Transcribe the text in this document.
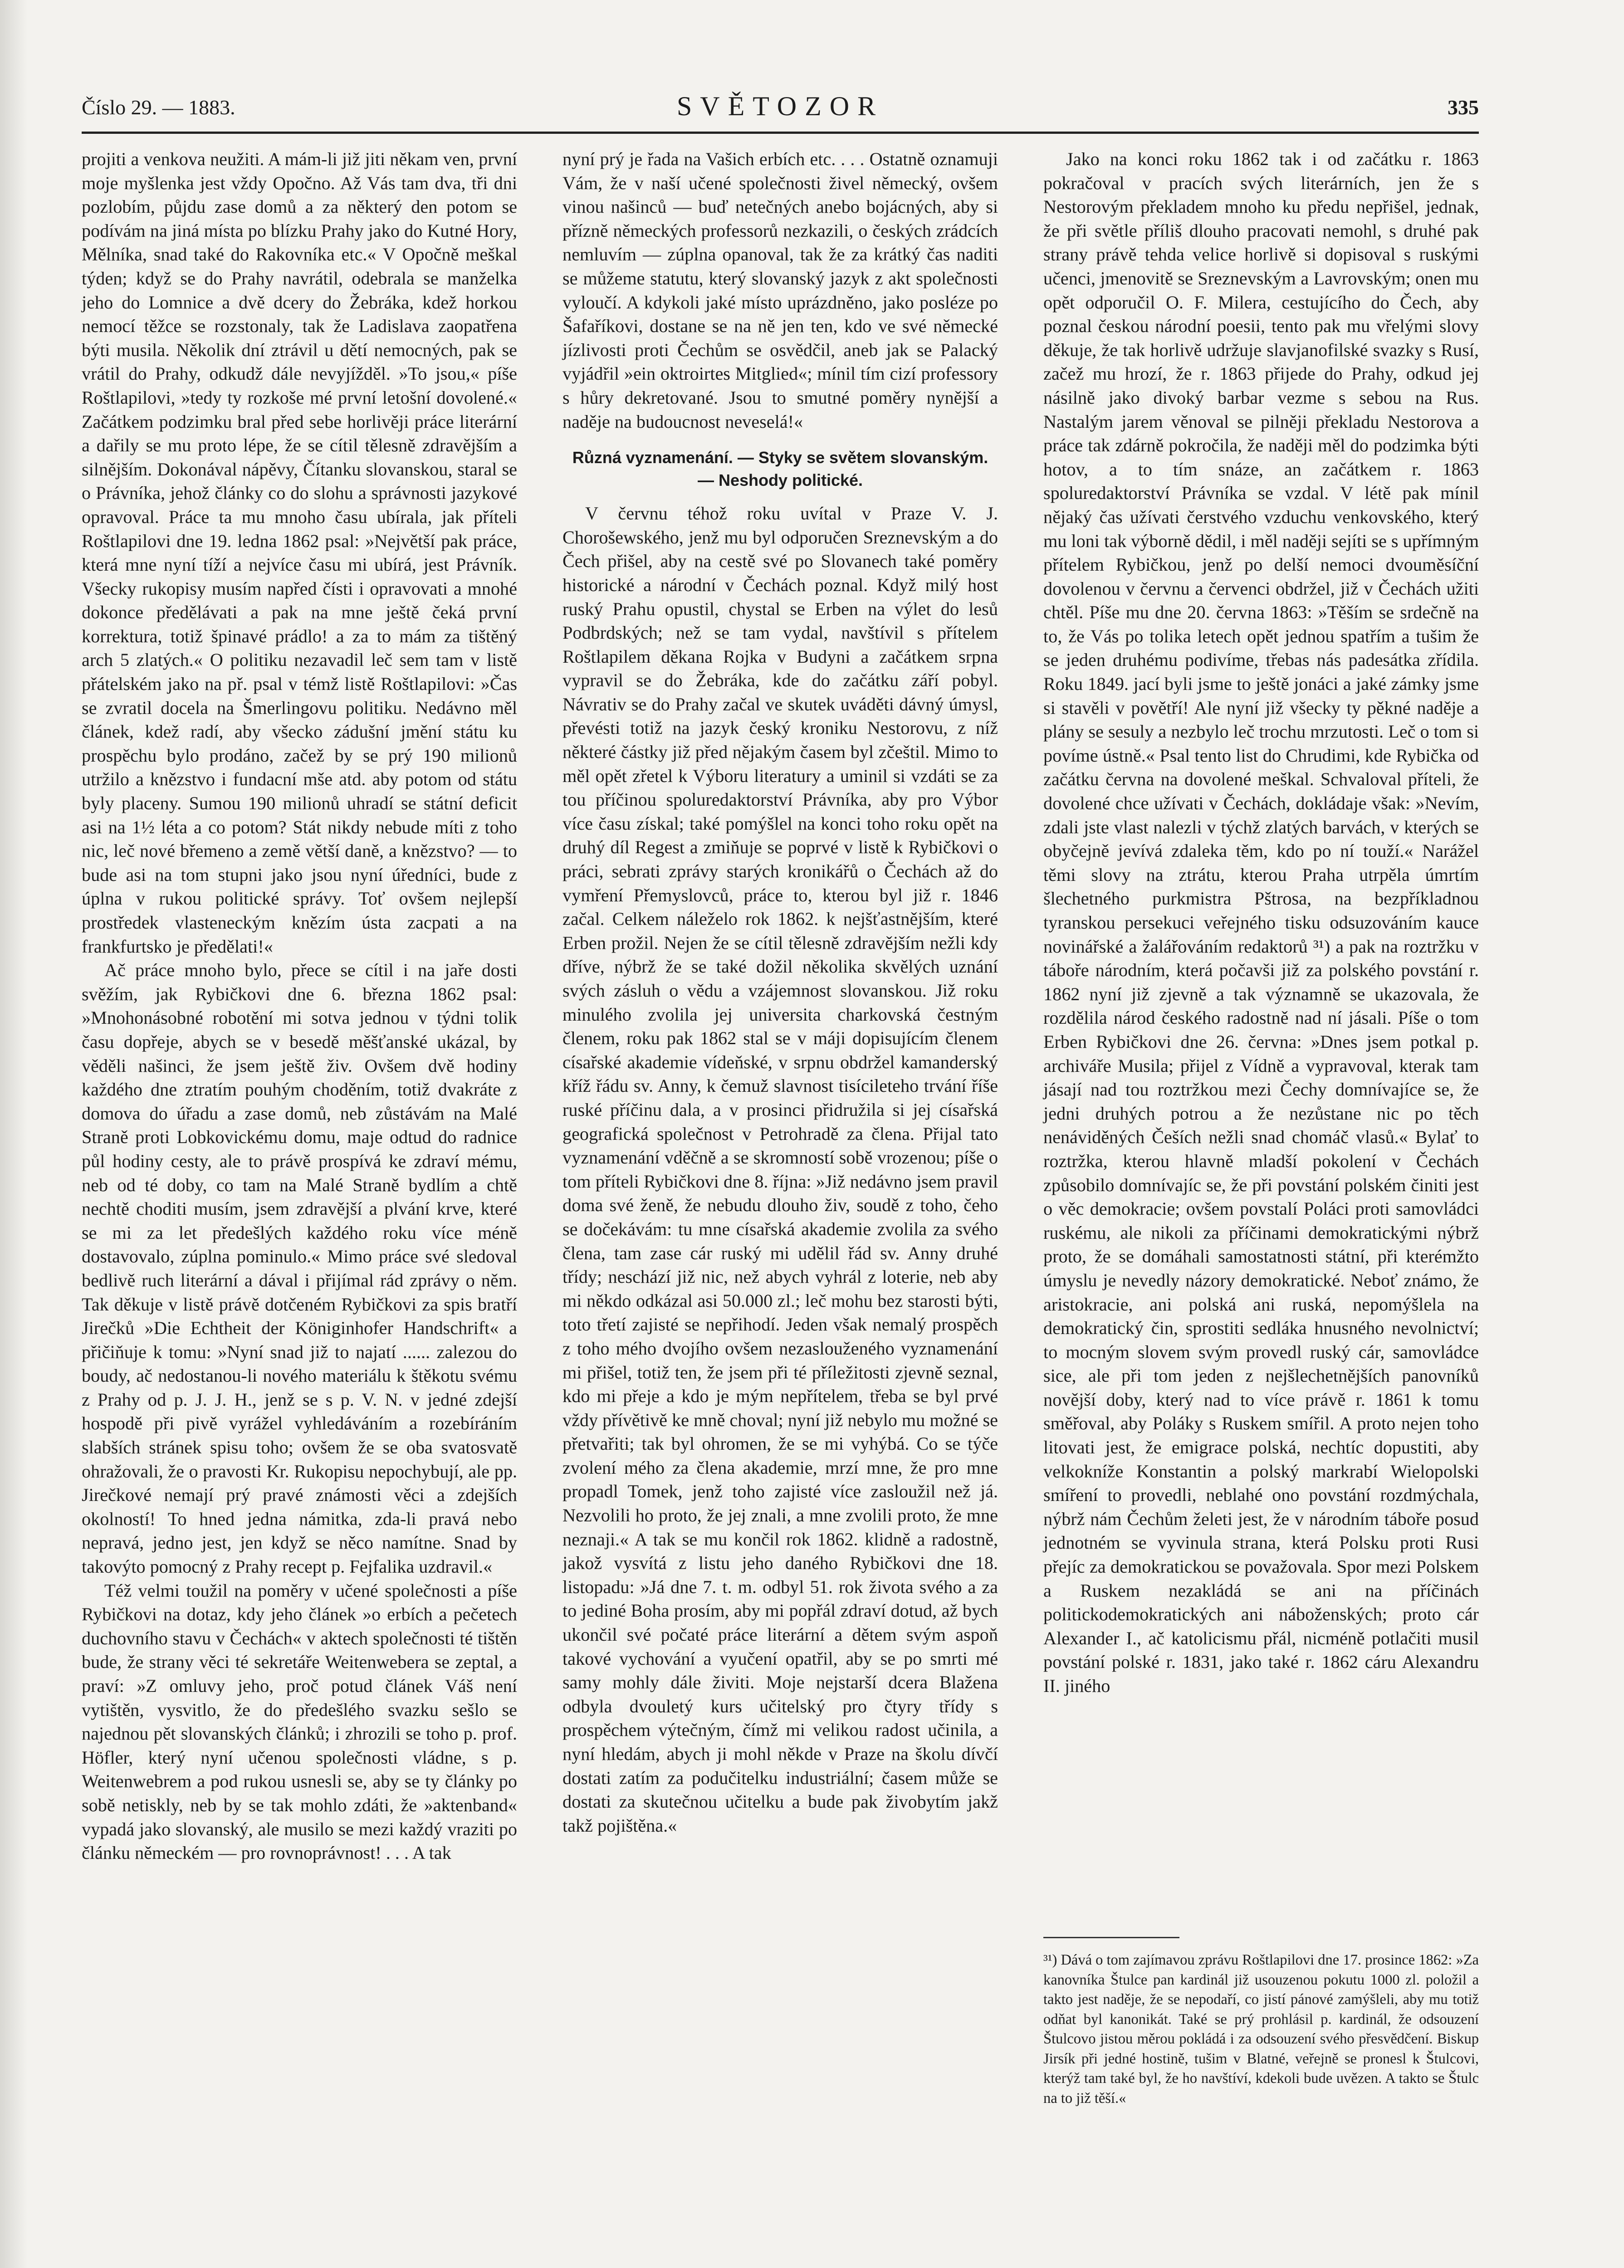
Číslo 29. — 1883.	SVĚTOZOR	335

projiti a venkova neužiti. A mám-li již jiti někam ven, první moje myšlenka jest vždy Opočno. Až Vás tam dva, tři dni pozlobím, půjdu zase domů a za některý den potom se podívám na jiná místa po blízku Prahy jako do Kutné Hory, Mělníka, snad také do Rakovníka etc.« V Opočně meškal týden; když se do Prahy navrátil, odebrala se manželka jeho do Lomnice a dvě dcery do Žebráka, kdež horkou nemocí těžce se rozstonaly, tak že Ladislava zaopatřena býti musila. Několik dní ztrávil u dětí nemocných, pak se vrátil do Prahy, odkudž dále nevyjížděl. »To jsou,« píše Roštlapilovi, »tedy ty rozkoše mé první letošní dovolené.« Začátkem podzimku bral před sebe horlivěji práce literární a dařily se mu proto lépe, že se cítil tělesně zdravějším a silnějším. Dokonával nápěvy, Čítanku slovanskou, staral se o Právníka, jehož články co do slohu a správnosti jazykové opravoval. Práce ta mu mnoho času ubírala, jak příteli Roštlapilovi dne 19. ledna 1862 psal: »Největší pak práce, která mne nyní tíží a nejvíce času mi ubírá, jest Právník. Všecky rukopisy musím napřed čísti i opravovati a mnohé dokonce předělávati a pak na mne ještě čeká první korrektura, totiž špinavé prádlo! a za to mám za tištěný arch 5 zlatých.« O politiku nezavadil leč sem tam v listě přátelském jako na př. psal v témž listě Roštlapilovi: »Čas se zvratil docela na Šmerlingovu politiku. Nedávno měl článek, kdež radí, aby všecko zádušní jmění státu ku prospěchu bylo prodáno, začež by se prý 190 milionů utržilo a knězstvo i fundacní mše atd. aby potom od státu byly placeny. Sumou 190 milionů uhradí se státní deficit asi na 1½ léta a co potom? Stát nikdy nebude míti z toho nic, leč nové břemeno a země větší daně, a knězstvo? — to bude asi na tom stupni jako jsou nyní úředníci, bude z úplna v rukou politické správy. Toť ovšem nejlepší prostředek vlasteneckým knězím ústa zacpati a na frankfurtsko je předělati!«

Ač práce mnoho bylo, přece se cítil i na jaře dosti svěžím, jak Rybičkovi dne 6. března 1862 psal: »Mnohonásobné robotění mi sotva jednou v týdni tolik času dopřeje, abych se v besedě měšťanské ukázal, by věděli našinci, že jsem ještě živ. Ovšem dvě hodiny každého dne ztratím pouhým choděním, totiž dvakráte z domova do úřadu a zase domů, neb zůstávám na Malé Straně proti Lobkovickému domu, maje odtud do radnice půl hodiny cesty, ale to právě prospívá ke zdraví mému, neb od té doby, co tam na Malé Straně bydlím a chtě nechtě choditi musím, jsem zdravější a plvání krve, které se mi za let předešlých každého roku více méně dostavovalo, zúplna pominulo.« Mimo práce své sledoval bedlivě ruch literární a dával i přijímal rád zprávy o něm. Tak děkuje v listě právě dotčeném Rybičkovi za spis bratří Jirečků »Die Echtheit der Königinhofer Handschrift« a přičiňuje k tomu: »Nyní snad již to najatí ...... zalezou do boudy, ač nedostanou-li nového materiálu k štěkotu svému z Prahy od p. J. J. H., jenž se s p. V. N. v jedné zdejší hospodě při pivě vyrážel vyhledáváním a rozebíráním slabších stránek spisu toho; ovšem že se oba svatosvatě ohražovali, že o pravosti Kr. Rukopisu nepochybují, ale pp. Jirečkové nemají prý pravé známosti věci a zdejších okolností! To hned jedna námitka, zda-li pravá nebo nepravá, jedno jest, jen když se něco namítne. Snad by takovýto pomocný z Prahy recept p. Fejfalika uzdravil.«

Též velmi toužil na poměry v učené společnosti a píše Rybičkovi na dotaz, kdy jeho článek »o erbích a pečetech duchovního stavu v Čechách« v aktech společnosti té tištěn bude, že strany věci té sekretáře Weitenwebera se zeptal, a praví: »Z omluvy jeho, proč potud článek Váš není vytištěn, vysvitlo, že do předešlého svazku sešlo se najednou pět slovanských článků; i zhrozili se toho p. prof. Höfler, který nyní učenou společnosti vládne, s p. Weitenwebrem a pod rukou usnesli se, aby se ty články po sobě netiskly, neb by se tak mohlo zdáti, že »aktenband« vypadá jako slovanský, ale musilo se mezi každý vraziti po článku německém — pro rovnoprávnost! . . . A tak

nyní prý je řada na Vašich erbích etc. . . . Ostatně oznamuji Vám, že v naší učené společnosti živel německý, ovšem vinou našinců — buď netečných anebo bojácných, aby si přízně německých professorů nezkazili, o českých zrádcích nemluvím — zúplna opanoval, tak že za krátký čas naditi se můžeme statutu, který slovanský jazyk z akt společnosti vyloučí. A kdykoli jaké místo uprázdněno, jako posléze po Šafaříkovi, dostane se na ně jen ten, kdo ve své německé jízlivosti proti Čechům se osvědčil, aneb jak se Palacký vyjádřil »ein oktroirtes Mitglied«; mínil tím cizí professory s hůry dekretované. Jsou to smutné poměry nynější a naděje na budoucnost neveselá!«

Různá vyznamenání. — Styky se světem slovanským. — Neshody politické.

V červnu téhož roku uvítal v Praze V. J. Chorošewského, jenž mu byl odporučen Sreznevským a do Čech přišel, aby na cestě své po Slovanech také poměry historické a národní v Čechách poznal. Když milý host ruský Prahu opustil, chystal se Erben na výlet do lesů Podbrdských; než se tam vydal, navštívil s přítelem Roštlapilem děkana Rojka v Budyni a začátkem srpna vypravil se do Žebráka, kde do začátku září pobyl. Návrativ se do Prahy začal ve skutek uváděti dávný úmysl, převésti totiž na jazyk český kroniku Nestorovu, z níž některé částky již před nějakým časem byl zčeštil. Mimo to měl opět zřetel k Výboru literatury a uminil si vzdáti se za tou příčinou spoluredaktorství Právníka, aby pro Výbor více času získal; také pomýšlel na konci toho roku opět na druhý díl Regest a zmiňuje se poprvé v listě k Rybičkovi o práci, sebrati zprávy starých kronikářů o Čechách až do vymření Přemyslovců, práce to, kterou byl již r. 1846 začal. Celkem náleželo rok 1862. k nejšťastnějším, které Erben prožil. Nejen že se cítil tělesně zdravějším nežli kdy dříve, nýbrž že se také dožil několika skvělých uznání svých zásluh o vědu a vzájemnost slovanskou. Již roku minulého zvolila jej universita charkovská čestným členem, roku pak 1862 stal se v máji dopisujícím členem císařské akademie vídeňské, v srpnu obdržel kamanderský kříž řádu sv. Anny, k čemuž slavnost tisícileteho trvání říše ruské příčinu dala, a v prosinci přidružila si jej císařská geografická společnost v Petrohradě za člena. Přijal tato vyznamenání vděčně a se skromností sobě vrozenou; píše o tom příteli Rybičkovi dne 8. října: »Již nedávno jsem pravil doma své ženě, že nebudu dlouho živ, soudě z toho, čeho se dočekávám: tu mne císařská akademie zvolila za svého člena, tam zase cár ruský mi udělil řád sv. Anny druhé třídy; neschází již nic, než abych vyhrál z loterie, neb aby mi někdo odkázal asi 50.000 zl.; leč mohu bez starosti býti, toto třetí zajisté se nepřihodí. Jeden však nemalý prospěch z toho mého dvojího ovšem nezaslouženého vyznamenání mi přišel, totiž ten, že jsem při té příležitosti zjevně seznal, kdo mi přeje a kdo je mým nepřítelem, třeba se byl prvé vždy přívětivě ke mně choval; nyní již nebylo mu možné se přetvařiti; tak byl ohromen, že se mi vyhýbá. Co se týče zvolení mého za člena akademie, mrzí mne, že pro mne propadl Tomek, jenž toho zajisté více zasloužil než já. Nezvolili ho proto, že jej znali, a mne zvolili proto, že mne neznaji.« A tak se mu končil rok 1862. klidně a radostně, jakož vysvítá z listu jeho daného Rybičkovi dne 18. listopadu: »Já dne 7. t. m. odbyl 51. rok života svého a za to jediné Boha prosím, aby mi popřál zdraví dotud, až bych ukončil své počaté práce literární a dětem svým aspoň takové vychování a vyučení opatřil, aby se po smrti mé samy mohly dále živiti. Moje nejstarší dcera Blažena odbyla dvouletý kurs učitelský pro čtyry třídy s prospěchem výtečným, čímž mi velikou radost učinila, a nyní hledám, abych ji mohl někde v Praze na školu dívčí dostati zatím za podučitelku industriální; časem může se dostati za skutečnou učitelku a bude pak živobytím jakž takž pojištěna.«

Jako na konci roku 1862 tak i od začátku r. 1863 pokračoval v pracích svých literárních, jen že s Nestorovým překladem mnoho ku předu nepřišel, jednak, že při světle příliš dlouho pracovati nemohl, s druhé pak strany právě tehda velice horlivě si dopisoval s ruskými učenci, jmenovitě se Sreznevským a Lavrovským; onen mu opět odporučil O. F. Milera, cestujícího do Čech, aby poznal českou národní poesii, tento pak mu vřelými slovy děkuje, že tak horlivě udržuje slavjanofilské svazky s Rusí, začež mu hrozí, že r. 1863 přijede do Prahy, odkud jej násilně jako divoký barbar vezme s sebou na Rus. Nastalým jarem věnoval se pilněji překladu Nestorova a práce tak zdárně pokročila, že naději měl do podzimka býti hotov, a to tím snáze, an začátkem r. 1863 spoluredaktorství Právníka se vzdal. V létě pak mínil nějaký čas užívati čerstvého vzduchu venkovského, který mu loni tak výborně dědil, i měl naději sejíti se s upřímným přítelem Rybičkou, jenž po delší nemoci dvouměsíční dovolenou v červnu a červenci obdržel, již v Čechách užiti chtěl. Píše mu dne 20. června 1863: »Těším se srdečně na to, že Vás po tolika letech opět jednou spatřím a tušim že se jeden druhému podivíme, třebas nás padesátka zřídila. Roku 1849. jací byli jsme to ještě jonáci a jaké zámky jsme si stavěli v povětří! Ale nyní již všecky ty pěkné naděje a plány se sesuly a nezbylo leč trochu mrzutosti. Leč o tom si povíme ústně.« Psal tento list do Chrudimi, kde Rybička od začátku června na dovolené meškal. Schvaloval příteli, že dovolené chce užívati v Čechách, dokládaje však: »Nevím, zdali jste vlast nalezli v týchž zlatých barvách, v kterých se obyčejně jevívá zdaleka těm, kdo po ní touží.« Narážel těmi slovy na ztrátu, kterou Praha utrpěla úmrtím šlechetného purkmistra Pštrosa, na bezpříkladnou tyranskou persekuci veřejného tisku odsuzováním kauce novinářské a žalářováním redaktorů ³¹) a pak na roztržku v táboře národním, která počavši již za polského povstání r. 1862 nyní již zjevně a tak významně se ukazovala, že rozdělila národ českého radostně nad ní jásali. Píše o tom Erben Rybičkovi dne 26. června: »Dnes jsem potkal p. archiváře Musila; přijel z Vídně a vypravoval, kterak tam jásají nad tou roztržkou mezi Čechy domnívajíce se, že jedni druhých potrou a že nezůstane nic po těch nenáviděných Češích nežli snad chomáč vlasů.« Bylať to roztržka, kterou hlavně mladší pokolení v Čechách způsobilo domnívajíc se, že při povstání polském činiti jest o věc demokracie; ovšem povstalí Poláci proti samovládci ruskému, ale nikoli za příčinami demokratickými nýbrž proto, že se domáhali samostatnosti státní, při kterémžto úmyslu je nevedly názory demokratické. Neboť známo, že aristokracie, ani polská ani ruská, nepomýšlela na demokratický čin, sprostiti sedláka hnusného nevolnictví; to mocným slovem svým provedl ruský cár, samovládce sice, ale při tom jeden z nejšlechetnějších panovníků novější doby, který nad to více právě r. 1861 k tomu směřoval, aby Poláky s Ruskem smířil. A proto nejen toho litovati jest, že emigrace polská, nechtíc dopustiti, aby velkokníže Konstantin a polský markrabí Wielopolski smíření to provedli, neblahé ono povstání rozdmýchala, nýbrž nám Čechům želeti jest, že v národním táboře posud jednotném se vyvinula strana, která Polsku proti Rusi přejíc za demokratickou se považovala. Spor mezi Polskem a Ruskem nezakládá se ani na příčinách politickodemokratických ani náboženských; proto cár Alexander I., ač katolicismu přál, nicméně potlačiti musil povstání polské r. 1831, jako také r. 1862 cáru Alexandru II. jiného

³¹) Dává o tom zajímavou zprávu Roštlapilovi dne 17. prosince 1862: »Za kanovníka Štulce pan kardinál již usouzenou pokutu 1000 zl. položil a takto jest naděje, že se nepodaří, co jistí pánové zamýšleli, aby mu totiž odňat byl kanonikát. Také se prý prohlásil p. kardinál, že odsouzení Štulcovo jistou měrou pokládá i za odsouzení svého přesvědčení. Biskup Jirsík při jedné hostině, tušim v Blatné, veřejně se pronesl k Štulcovi, kterýž tam také byl, že ho navštíví, kdekoli bude uvězen. A takto se Štulc na to již těší.«
